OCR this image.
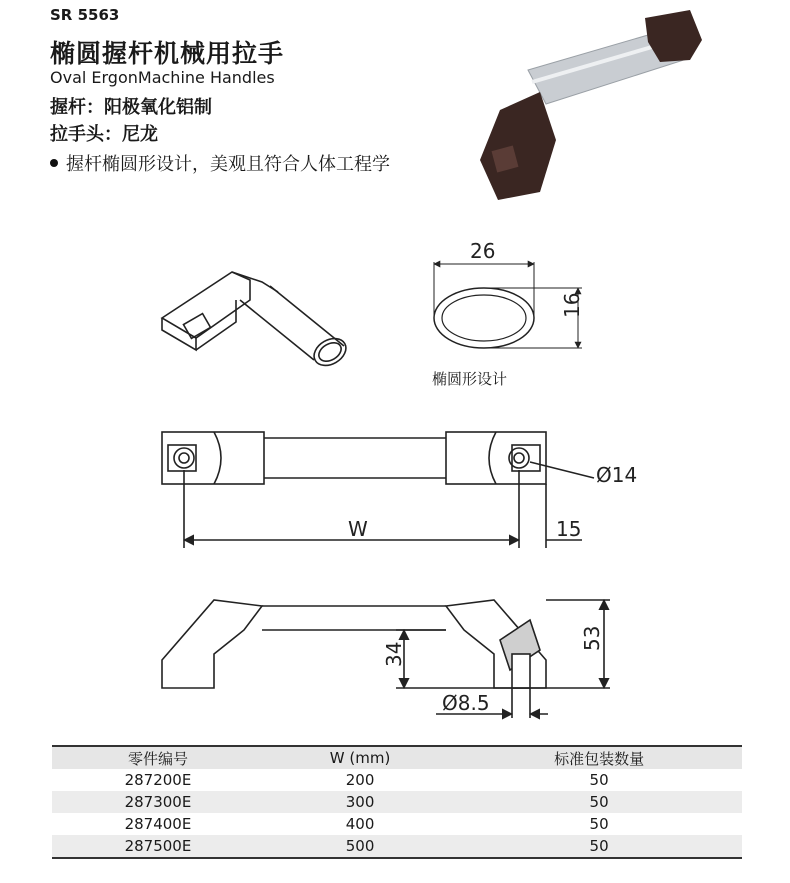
SR 5563
椭圆握杆机械用拉手
Oval ErgonMachine Handles
握杆：阳极氧化铝制
拉手头：尼龙
握杆椭圆形设计，美观且符合人体工程学
26
16
W	15
Ø14
34
53
Ø8.5
椭圆形设计
零件编号	W (mm)	标准包装数量
287200E	200	50
287300E	300	50
287400E	400	50
287500E	500	50
